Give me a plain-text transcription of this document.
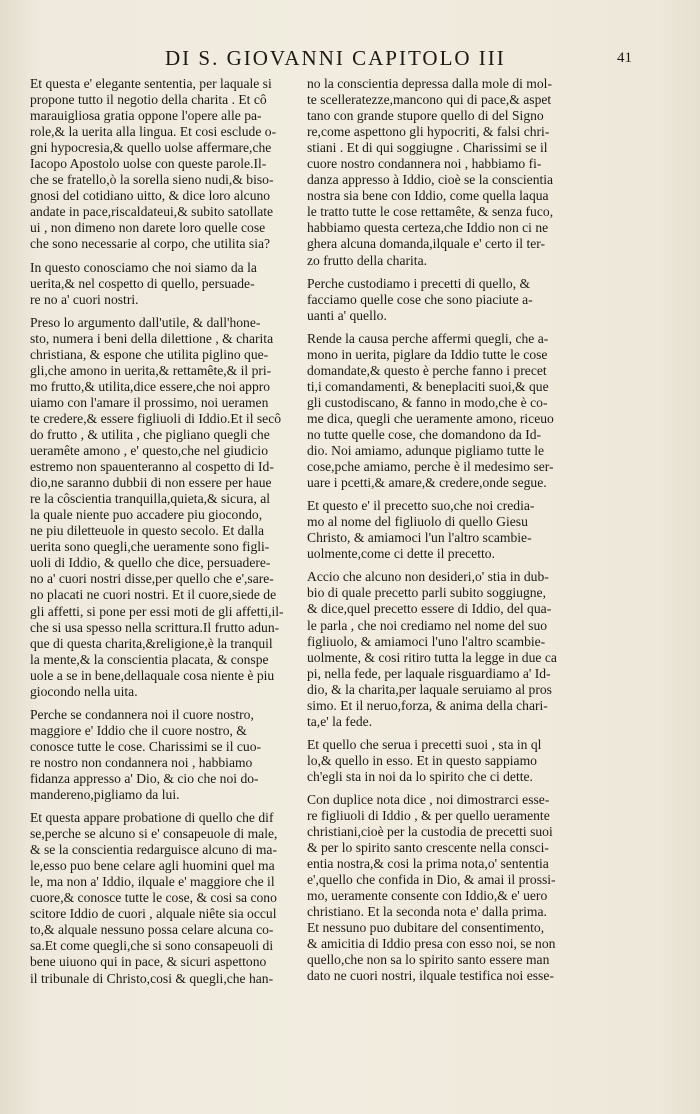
DI S. GIOVANNI CAPITOLO III	41
Et questa e' elegante sententia, per laquale si
propone tutto il negotio della charita . Et cô
marauigliosa gratia oppone l'opere alle pa-
role,& la uerita alla lingua. Et cosi esclude o-
gni hypocresia,& quello uolse affermare,che
Iacopo Apostolo uolse con queste parole.Il-
che se fratello,ò la sorella sieno nudi,& biso-
gnosi del cotidiano uitto, & dice loro alcuno
andate in pace,riscaldateui,& subito satollate
ui , non dimeno non darete loro quelle cose
che sono necessarie al corpo, che utilita sia?
In questo conosciamo che noi siamo da la
uerita,& nel cospetto di quello, persuade-
re no a' cuori nostri.
Preso lo argumento dall'utile, & dall'hone-
sto, numera i beni della dilettione , & charita
christiana, & espone che utilita piglino que-
gli,che amono in uerita,& rettamête,& il pri-
mo frutto,& utilita,dice essere,che noi appro
uiamo con l'amare il prossimo, noi ueramen
te credere,& essere figliuoli di Iddio.Et il secô
do frutto , & utilita , che pigliano quegli che
ueramête amono , e' questo,che nel giudicio
estremo non spauenteranno al cospetto di Id-
dio,ne saranno dubbii di non essere per haue
re la côscientia tranquilla,quieta,& sicura, al
la quale niente puo accadere piu giocondo,
ne piu diletteuole in questo secolo. Et dalla
uerita sono quegli,che ueramente sono figli-
uoli di Iddio, & quello che dice, persuadere-
no a' cuori nostri disse,per quello che e',sare-
no placati ne cuori nostri. Et il cuore,siede de
gli affetti, si pone per essi moti de gli affetti,il-
che si usa spesso nella scrittura.Il frutto adun-
que di questa charita,&religione,è la tranquil
la mente,& la conscientia placata, & conspe
uole a se in bene,dellaquale cosa niente è piu
giocondo nella uita.
Perche se condannera noi il cuore nostro,
maggiore e' Iddio che il cuore nostro, &
conosce tutte le cose. Charissimi se il cuo-
re nostro non condannera noi , habbiamo
fidanza appresso a' Dio, & cio che noi do-
mandereno,pigliamo da lui.
Et questa appare probatione di quello che dif
se,perche se alcuno si e' consapeuole di male,
& se la conscientia redarguisce alcuno di ma-
le,esso puo bene celare agli huomini quel ma
le, ma non a' Iddio, ilquale e' maggiore che il
cuore,& conosce tutte le cose, & cosi sa cono
scitore Iddio de cuori , alquale niête sia occul
to,& alquale nessuno possa celare alcuna co-
sa.Et come quegli,che si sono consapeuoli di
bene uiuono qui in pace, & sicuri aspettono
il tribunale di Christo,cosi & quegli,che han-
no la conscientia depressa dalla mole di mol-
te scelleratezze,mancono qui di pace,& aspet
tano con grande stupore quello di del Signo
re,come aspettono gli hypocriti, & falsi chri-
stiani . Et di qui soggiugne . Charissimi se il
cuore nostro condannera noi , habbiamo fi-
danza appresso à Iddio, cioè se la conscientia
nostra sia bene con Iddio, come quella laqua
le tratto tutte le cose rettamête, & senza fuco,
habbiamo questa certeza,che Iddio non ci ne
ghera alcuna domanda,ilquale e' certo il ter-
zo frutto della charita.
Perche custodiamo i precetti di quello, &
facciamo quelle cose che sono piaciute a-
uanti a' quello.
Rende la causa perche affermi quegli, che a-
mono in uerita, piglare da Iddio tutte le cose
domandate,& questo è perche fanno i precet
ti,i comandamenti, & beneplaciti suoi,& que
gli custodiscano, & fanno in modo,che è co-
me dica, quegli che ueramente amono, riceuo
no tutte quelle cose, che domandono da Id-
dio. Noi amiamo, adunque pigliamo tutte le
cose,pche amiamo, perche è il medesimo ser-
uare i pcetti,& amare,& credere,onde segue.
Et questo e' il precetto suo,che noi credia-
mo al nome del figliuolo di quello Giesu
Christo, & amiamoci l'un l'altro scambie-
uolmente,come ci dette il precetto.
Accio che alcuno non desideri,o' stia in dub-
bio di quale precetto parli subito soggiugne,
& dice,quel precetto essere di Iddio, del qua-
le parla , che noi crediamo nel nome del suo
figliuolo, & amiamoci l'uno l'altro scambie-
uolmente, & cosi ritiro tutta la legge in due ca
pi, nella fede, per laquale risguardiamo a' Id-
dio, & la charita,per laquale seruiamo al pros
simo. Et il neruo,forza, & anima della chari-
ta,e' la fede.
Et quello che serua i precetti suoi , sta in ql
lo,& quello in esso. Et in questo sappiamo
ch'egli sta in noi da lo spirito che ci dette.
Con duplice nota dice , noi dimostrarci esse-
re figliuoli di Iddio , & per quello ueramente
christiani,cioè per la custodia de precetti suoi
& per lo spirito santo crescente nella consci-
entia nostra,& cosi la prima nota,o' sententia
e',quello che confida in Dio, & amai il prossi-
mo, ueramente consente con Iddio,& e' uero
christiano. Et la seconda nota e' dalla prima.
Et nessuno puo dubitare del consentimento,
& amicitia di Iddio presa con esso noi, se non
quello,che non sa lo spirito santo essere man
dato ne cuori nostri, ilquale testifica noi esse-
